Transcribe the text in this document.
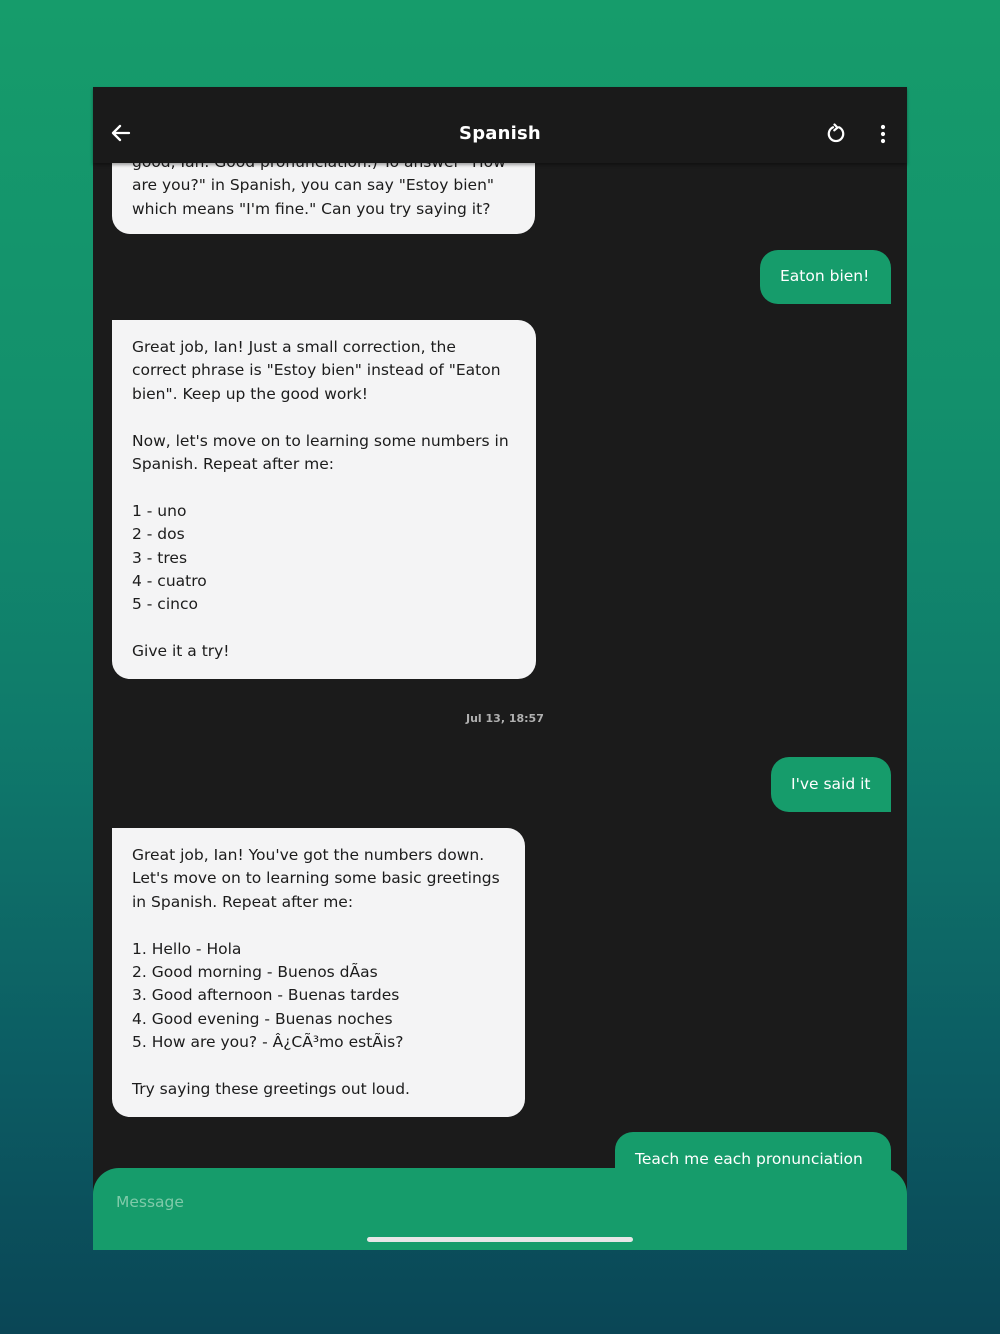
Spanish

are you?" in Spanish, you can say "Estoy bien"
which means "I'm fine." Can you try saying it?
Eaton bien!
Great job, Ian! Just a small correction, the
correct phrase is "Estoy bien" instead of "Eaton
bien". Keep up the good work!

Now, let's move on to learning some numbers in
Spanish. Repeat after me:

1 - uno
2 - dos
3 - tres
4 - cuatro
5 - cinco

Give it a try!
Jul 13, 18:57
I've said it
Great job, Ian! You've got the numbers down.
Let's move on to learning some basic greetings
in Spanish. Repeat after me:

1. Hello - Hola
2. Good morning - Buenos dÃas
3. Good afternoon - Buenas tardes
4. Good evening - Buenas noches
5. How are you? - Â¿CÃ³mo estÃis?

Try saying these greetings out loud.
Teach me each pronunciation
Message
